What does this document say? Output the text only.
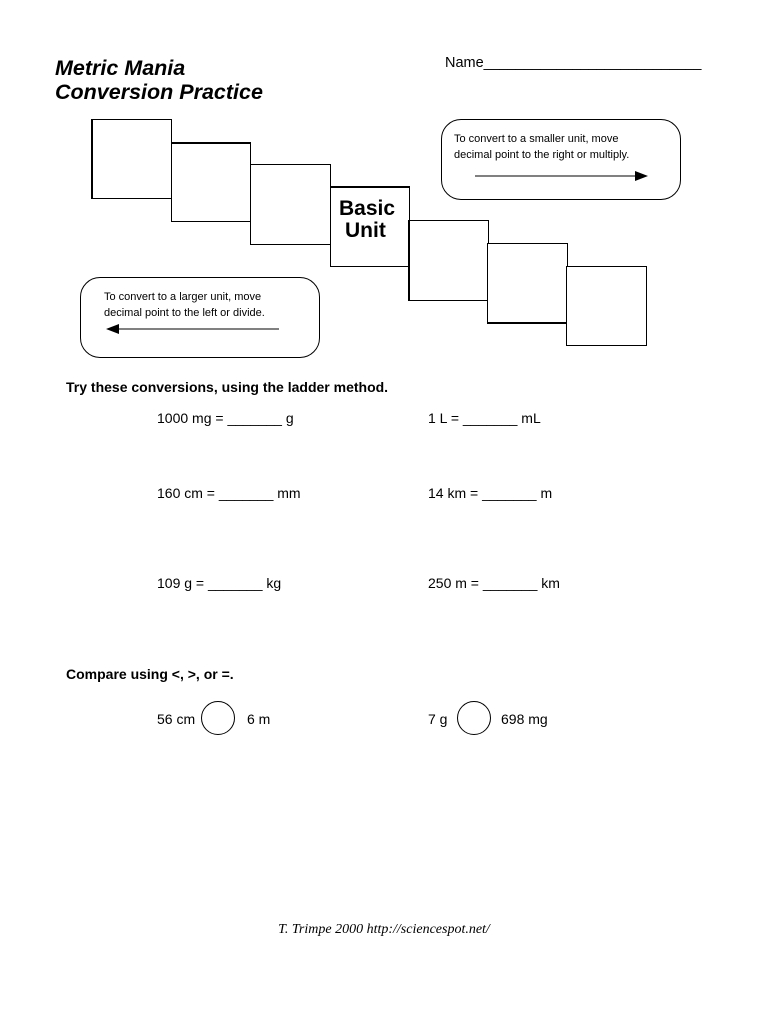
Metric Mania
Conversion Practice
Name___________________________
Basic
Unit
To convert to a smaller unit, move
decimal point to the right or multiply.
To convert to a larger unit, move
decimal point to the left or divide.
Try these conversions, using the ladder method.
1000 mg = _______ g	1 L = _______ mL
160 cm = _______ mm	14 km = _______ m
109 g = _______ kg	250 m = _______ km
Compare using <, >, or =.
56 cm	6 m	7 g	698 mg
T. Trimpe 2000 http://sciencespot.net/
